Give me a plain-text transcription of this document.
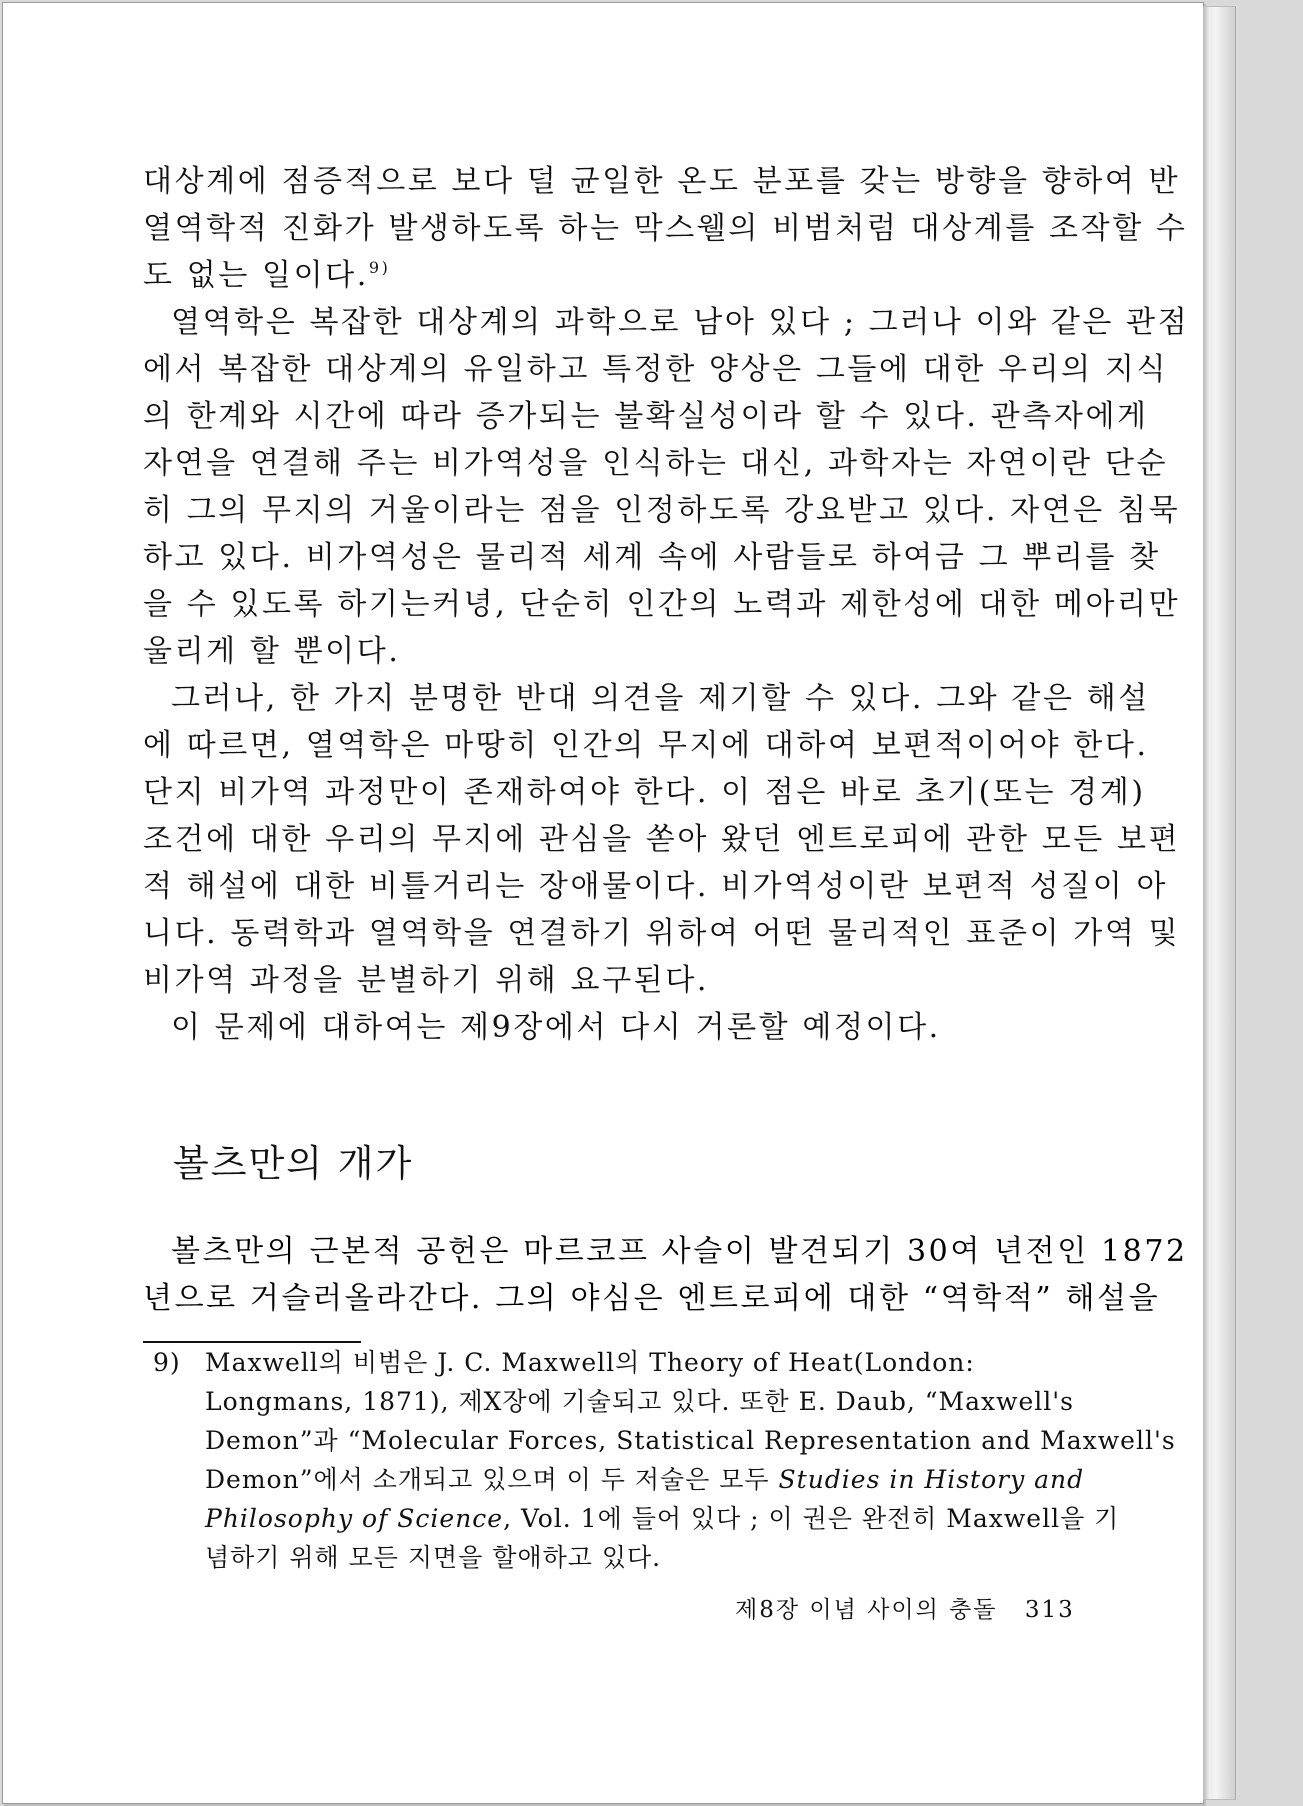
대상계에 점증적으로 보다 덜 균일한 온도 분포를 갖는 방향을 향하여 반
열역학적 진화가 발생하도록 하는 막스웰의 비범처럼 대상계를 조작할 수
도 없는 일이다.$^{9)}$
열역학은 복잡한 대상계의 과학으로 남아 있다 ; 그러나 이와 같은 관점
에서 복잡한 대상계의 유일하고 특정한 양상은 그들에 대한 우리의 지식
의 한계와 시간에 따라 증가되는 불확실성이라 할 수 있다. 관측자에게
자연을 연결해 주는 비가역성을 인식하는 대신, 과학자는 자연이란 단순
히 그의 무지의 거울이라는 점을 인정하도록 강요받고 있다. 자연은 침묵
하고 있다. 비가역성은 물리적 세계 속에 사람들로 하여금 그 뿌리를 찾
을 수 있도록 하기는커녕, 단순히 인간의 노력과 제한성에 대한 메아리만
울리게 할 뿐이다.
그러나, 한 가지 분명한 반대 의견을 제기할 수 있다. 그와 같은 해설
에 따르면, 열역학은 마땅히 인간의 무지에 대하여 보편적이어야 한다.
단지 비가역 과정만이 존재하여야 한다. 이 점은 바로 초기(또는 경계)
조건에 대한 우리의 무지에 관심을 쏟아 왔던 엔트로피에 관한 모든 보편
적 해설에 대한 비틀거리는 장애물이다. 비가역성이란 보편적 성질이 아
니다. 동력학과 열역학을 연결하기 위하여 어떤 물리적인 표준이 가역 및
비가역 과정을 분별하기 위해 요구된다.
이 문제에 대하여는 제9장에서 다시 거론할 예정이다.
볼츠만의 개가
볼츠만의 근본적 공헌은 마르코프 사슬이 발견되기 30여 년전인 1872
년으로 거슬러올라간다. 그의 야심은 엔트로피에 대한 “역학적” 해설을
9) Maxwell의 비범은 J. C. Maxwell의 Theory of Heat(London:
Longmans, 1871), 제X장에 기술되고 있다. 또한 E. Daub, “Maxwell's
Demon”과 “Molecular Forces, Statistical Representation and Maxwell's
Demon”에서 소개되고 있으며 이 두 저술은 모두 Studies in History and
Philosophy of Science, Vol. 1에 들어 있다 ; 이 권은 완전히 Maxwell을 기
념하기 위해 모든 지면을 할애하고 있다.
제8장 이념 사이의 충돌 313
